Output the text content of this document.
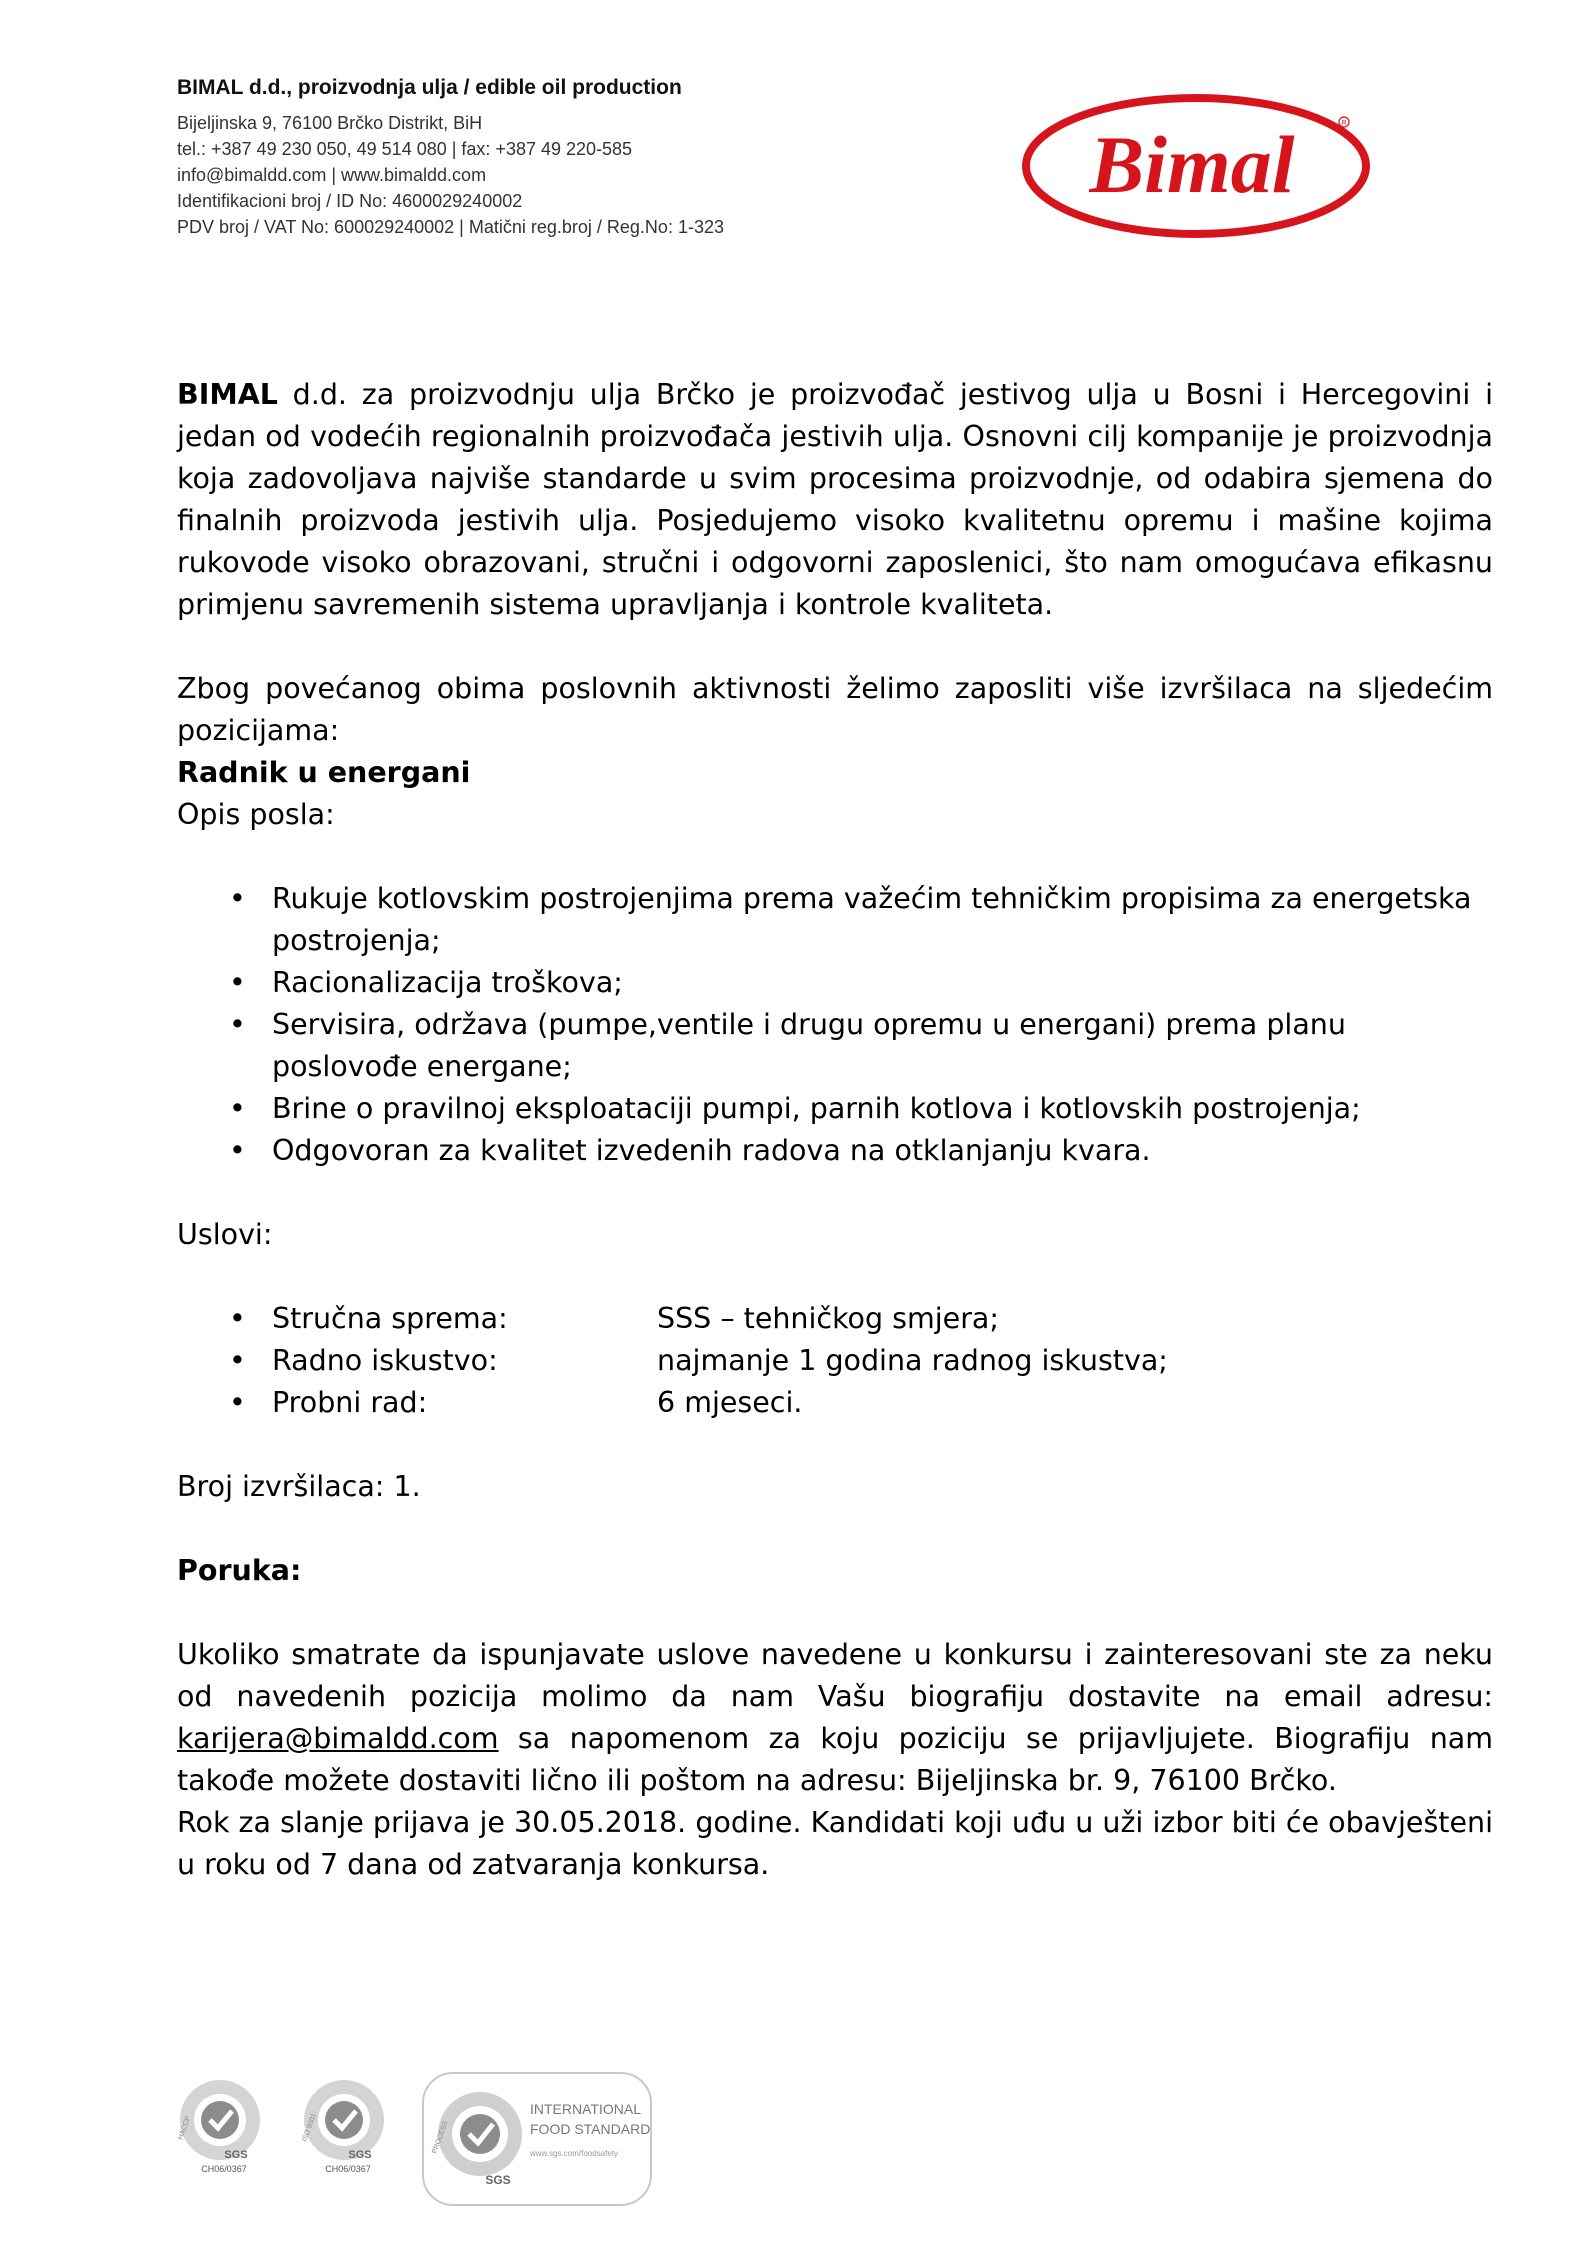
BIMAL d.d., proizvodnja ulja / edible oil production
Bijeljinska 9, 76100 Brčko Distrikt, BiH
tel.: +387 49 230 050, 49 514 080 | fax: +387 49 220-585
info@bimaldd.com | www.bimaldd.com
Identifikacioni broj / ID No: 4600029240002
PDV broj / VAT No: 600029240002 | Matični reg.broj / Reg.No: 1-323
Bimal	R

BIMAL d.d. za proizvodnju ulja Brčko je proizvođač jestivog ulja u Bosni i Hercegovini i jedan od vodećih regionalnih proizvođača jestivih ulja. Osnovni cilj kompanije je proizvodnja koja zadovoljava najviše standarde u svim procesima proizvodnje, od odabira sjemena do finalnih proizvoda jestivih ulja. Posjedujemo visoko kvalitetnu opremu i mašine kojima rukovode visoko obrazovani, stručni i odgovorni zaposlenici, što nam omogućava efikasnu primjenu savremenih sistema upravljanja i kontrole kvaliteta.

Zbog povećanog obima poslovnih aktivnosti želimo zaposliti više izvršilaca na sljedećim pozicijama:

Radnik u energani

Opis posla:

• Rukuje kotlovskim postrojenjima prema važećim tehničkim propisima za energetska postrojenja;
• Racionalizacija troškova;
• Servisira, održava (pumpe,ventile i drugu opremu u energani) prema planu poslovođe energane;
• Brine o pravilnoj eksploataciji pumpi, parnih kotlova i kotlovskih postrojenja;
• Odgovoran za kvalitet izvedenih radova na otklanjanju kvara.

Uslovi:

• Stručna sprema:	SSS – tehničkog smjera;
• Radno iskustvo:	najmanje 1 godina radnog iskustva;
• Probni rad:	6 mjeseci.

Broj izvršilaca: 1.

Poruka:

Ukoliko smatrate da ispunjavate uslove navedene u konkursu i zainteresovani ste za neku od navedenih pozicija molimo da nam Vašu biografiju dostavite na email adresu: karijera@bimaldd.com sa napomenom za koju poziciju se prijavljujete. Biografiju nam takođe možete dostaviti lično ili poštom na adresu: Bijeljinska br. 9, 76100 Brčko.

Rok za slanje prijava je 30.05.2018. godine. Kandidati koji uđu u uži izbor biti će obavješteni u roku od 7 dana od zatvaranja konkursa.

SGS
CH06/0367
HACCP
SGS
CH06/0367
ISO 9001
SGS
PROCESS
INTERNATIONAL
FOOD STANDARD
www.sgs.com/foodsafety
